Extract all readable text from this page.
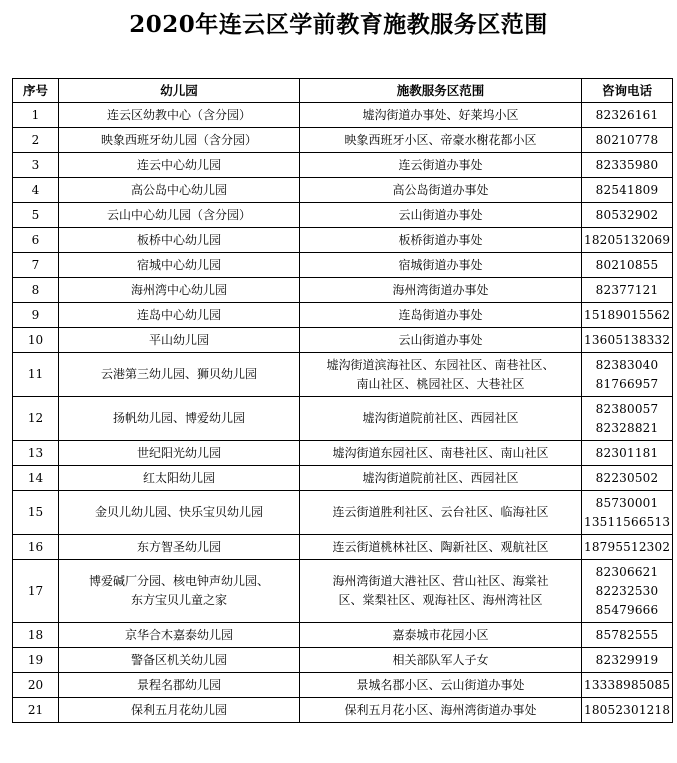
2020年连云区学前教育施教服务区范围
序号	幼儿园	施教服务区范围	咨询电话
1	连云区幼教中心（含分园）	墟沟街道办事处、好莱坞小区	82326161

2	映象西班牙幼儿园（含分园）	映象西班牙小区、帝豪水榭花都小区	80210778

3	连云中心幼儿园	连云街道办事处	82335980

4	高公岛中心幼儿园	高公岛街道办事处	82541809

5	云山中心幼儿园（含分园）	云山街道办事处	80532902

6	板桥中心幼儿园	板桥街道办事处	18205132069

7	宿城中心幼儿园	宿城街道办事处	80210855

8	海州湾中心幼儿园	海州湾街道办事处	82377121

9	连岛中心幼儿园	连岛街道办事处	15189015562

10	平山幼儿园	云山街道办事处	13605138332

11	云港第三幼儿园、狮贝幼儿园	墟沟街道滨海社区、东园社区、南巷社区、
南山社区、桃园社区、大巷社区	82383040
81766957

12	扬帆幼儿园、博爱幼儿园	墟沟街道院前社区、西园社区	82380057
82328821

13	世纪阳光幼儿园	墟沟街道东园社区、南巷社区、南山社区	82301181

14	红太阳幼儿园	墟沟街道院前社区、西园社区	82230502

15	金贝儿幼儿园、快乐宝贝幼儿园	连云街道胜利社区、云台社区、临海社区	85730001
13511566513

16	东方智圣幼儿园	连云街道桃林社区、陶新社区、观航社区	18795512302

17	博爱碱厂分园、核电钟声幼儿园、
东方宝贝儿童之家	海州湾街道大港社区、营山社区、海棠社
区、棠梨社区、观海社区、海州湾社区	82306621
82232530
85479666

18	京华合木嘉泰幼儿园	嘉泰城市花园小区	85782555

19	警备区机关幼儿园	相关部队军人子女	82329919

20	景程名郡幼儿园	景城名郡小区、云山街道办事处	13338985085

21	保利五月花幼儿园	保利五月花小区、海州湾街道办事处	18052301218
